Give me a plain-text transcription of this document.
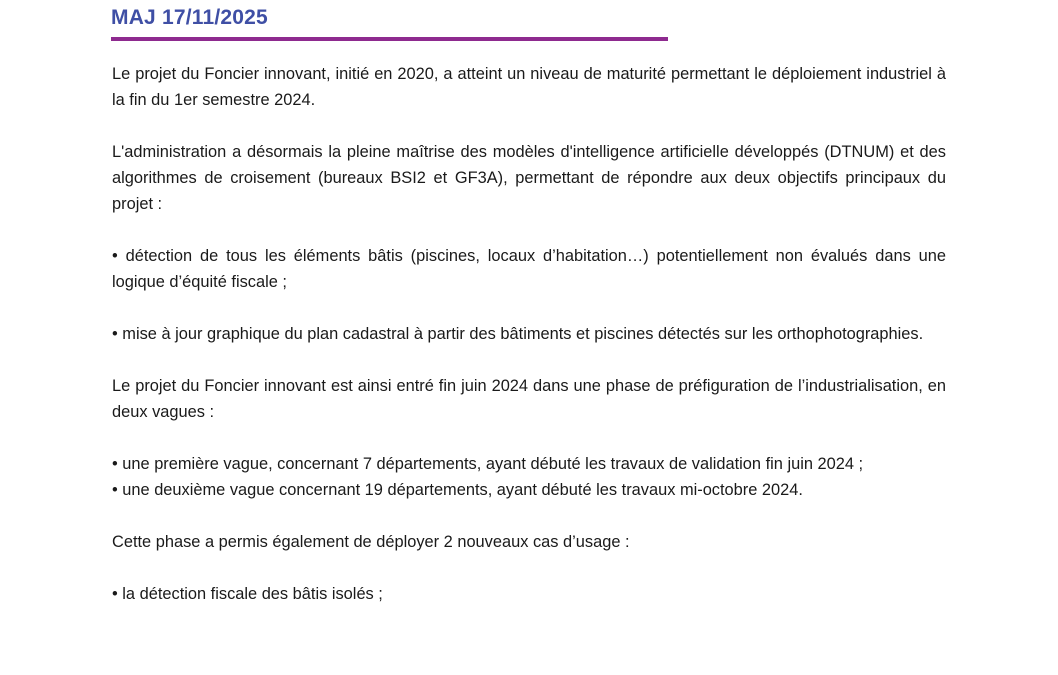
MAJ 17/11/2025

Le projet du Foncier innovant, initié en 2020, a atteint un niveau de maturité permettant le déploiement industriel à la fin du 1er semestre 2024.

L'administration a désormais la pleine maîtrise des modèles d'intelligence artificielle développés (DTNUM) et des algorithmes de croisement (bureaux BSI2 et GF3A), permettant de répondre aux deux objectifs principaux du projet :

• détection de tous les éléments bâtis (piscines, locaux d’habitation…) potentiellement non évalués dans une logique d’équité fiscale ;

• mise à jour graphique du plan cadastral à partir des bâtiments et piscines détectés sur les orthophotographies.

Le projet du Foncier innovant est ainsi entré fin juin 2024 dans une phase de préfiguration de l’industrialisation, en deux vagues :

• une première vague, concernant 7 départements, ayant débuté les travaux de validation fin juin 2024 ;

• une deuxième vague concernant 19 départements, ayant débuté les travaux mi-octobre 2024.

Cette phase a permis également de déployer 2 nouveaux cas d’usage :

• la détection fiscale des bâtis isolés ;
